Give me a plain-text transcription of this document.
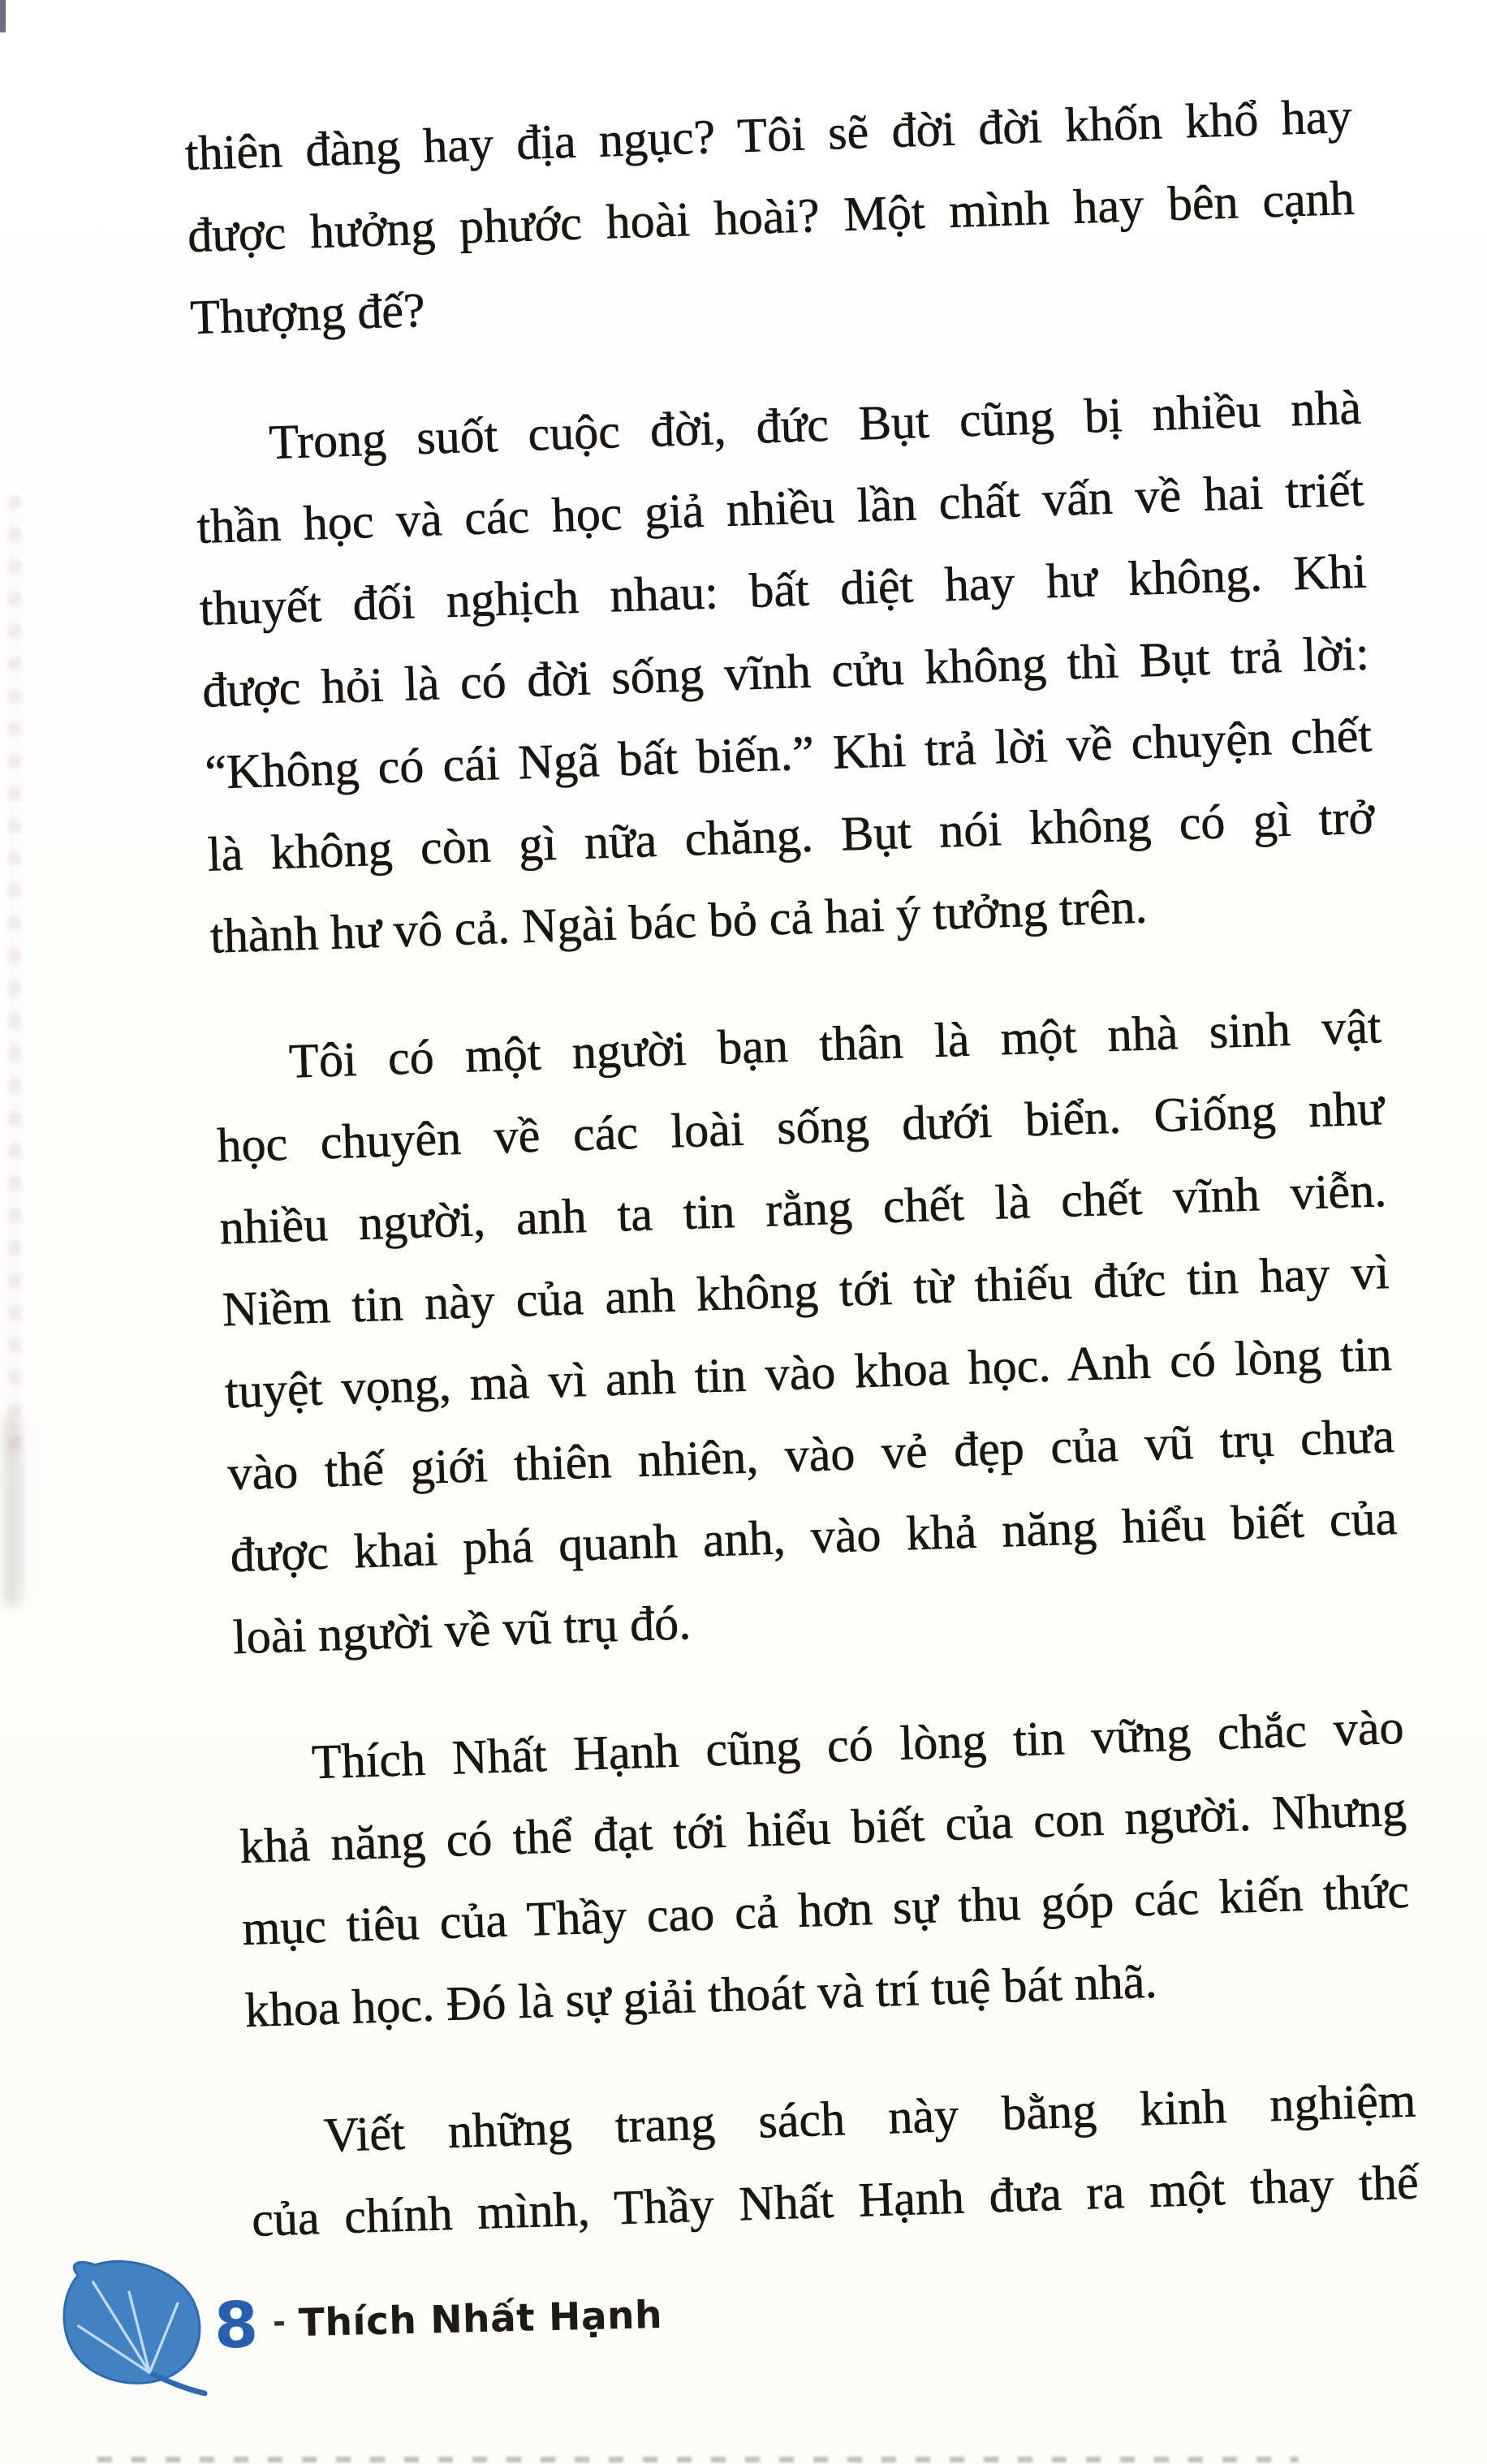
thiên đàng hay địa ngục? Tôi sẽ đời đời khốn khổ hay
được hưởng phước hoài hoài? Một mình hay bên cạnh
Thượng đế?
Trong suốt cuộc đời, đức Bụt cũng bị nhiều nhà
thần học và các học giả nhiều lần chất vấn về hai triết
thuyết đối nghịch nhau: bất diệt hay hư không. Khi
được hỏi là có đời sống vĩnh cửu không thì Bụt trả lời:
“Không có cái Ngã bất biến.” Khi trả lời về chuyện chết
là không còn gì nữa chăng. Bụt nói không có gì trở
thành hư vô cả. Ngài bác bỏ cả hai ý tưởng trên.
Tôi có một người bạn thân là một nhà sinh vật
học chuyên về các loài sống dưới biển. Giống như
nhiều người, anh ta tin rằng chết là chết vĩnh viễn.
Niềm tin này của anh không tới từ thiếu đức tin hay vì
tuyệt vọng, mà vì anh tin vào khoa học. Anh có lòng tin
vào thế giới thiên nhiên, vào vẻ đẹp của vũ trụ chưa
được khai phá quanh anh, vào khả năng hiểu biết của
loài người về vũ trụ đó.
Thích Nhất Hạnh cũng có lòng tin vững chắc vào
khả năng có thể đạt tới hiểu biết của con người. Nhưng
mục tiêu của Thầy cao cả hơn sự thu góp các kiến thức
khoa học. Đó là sự giải thoát và trí tuệ bát nhã.
Viết những trang sách này bằng kinh nghiệm
của chính mình, Thầy Nhất Hạnh đưa ra một thay thế
8 - Thích Nhất Hạnh
